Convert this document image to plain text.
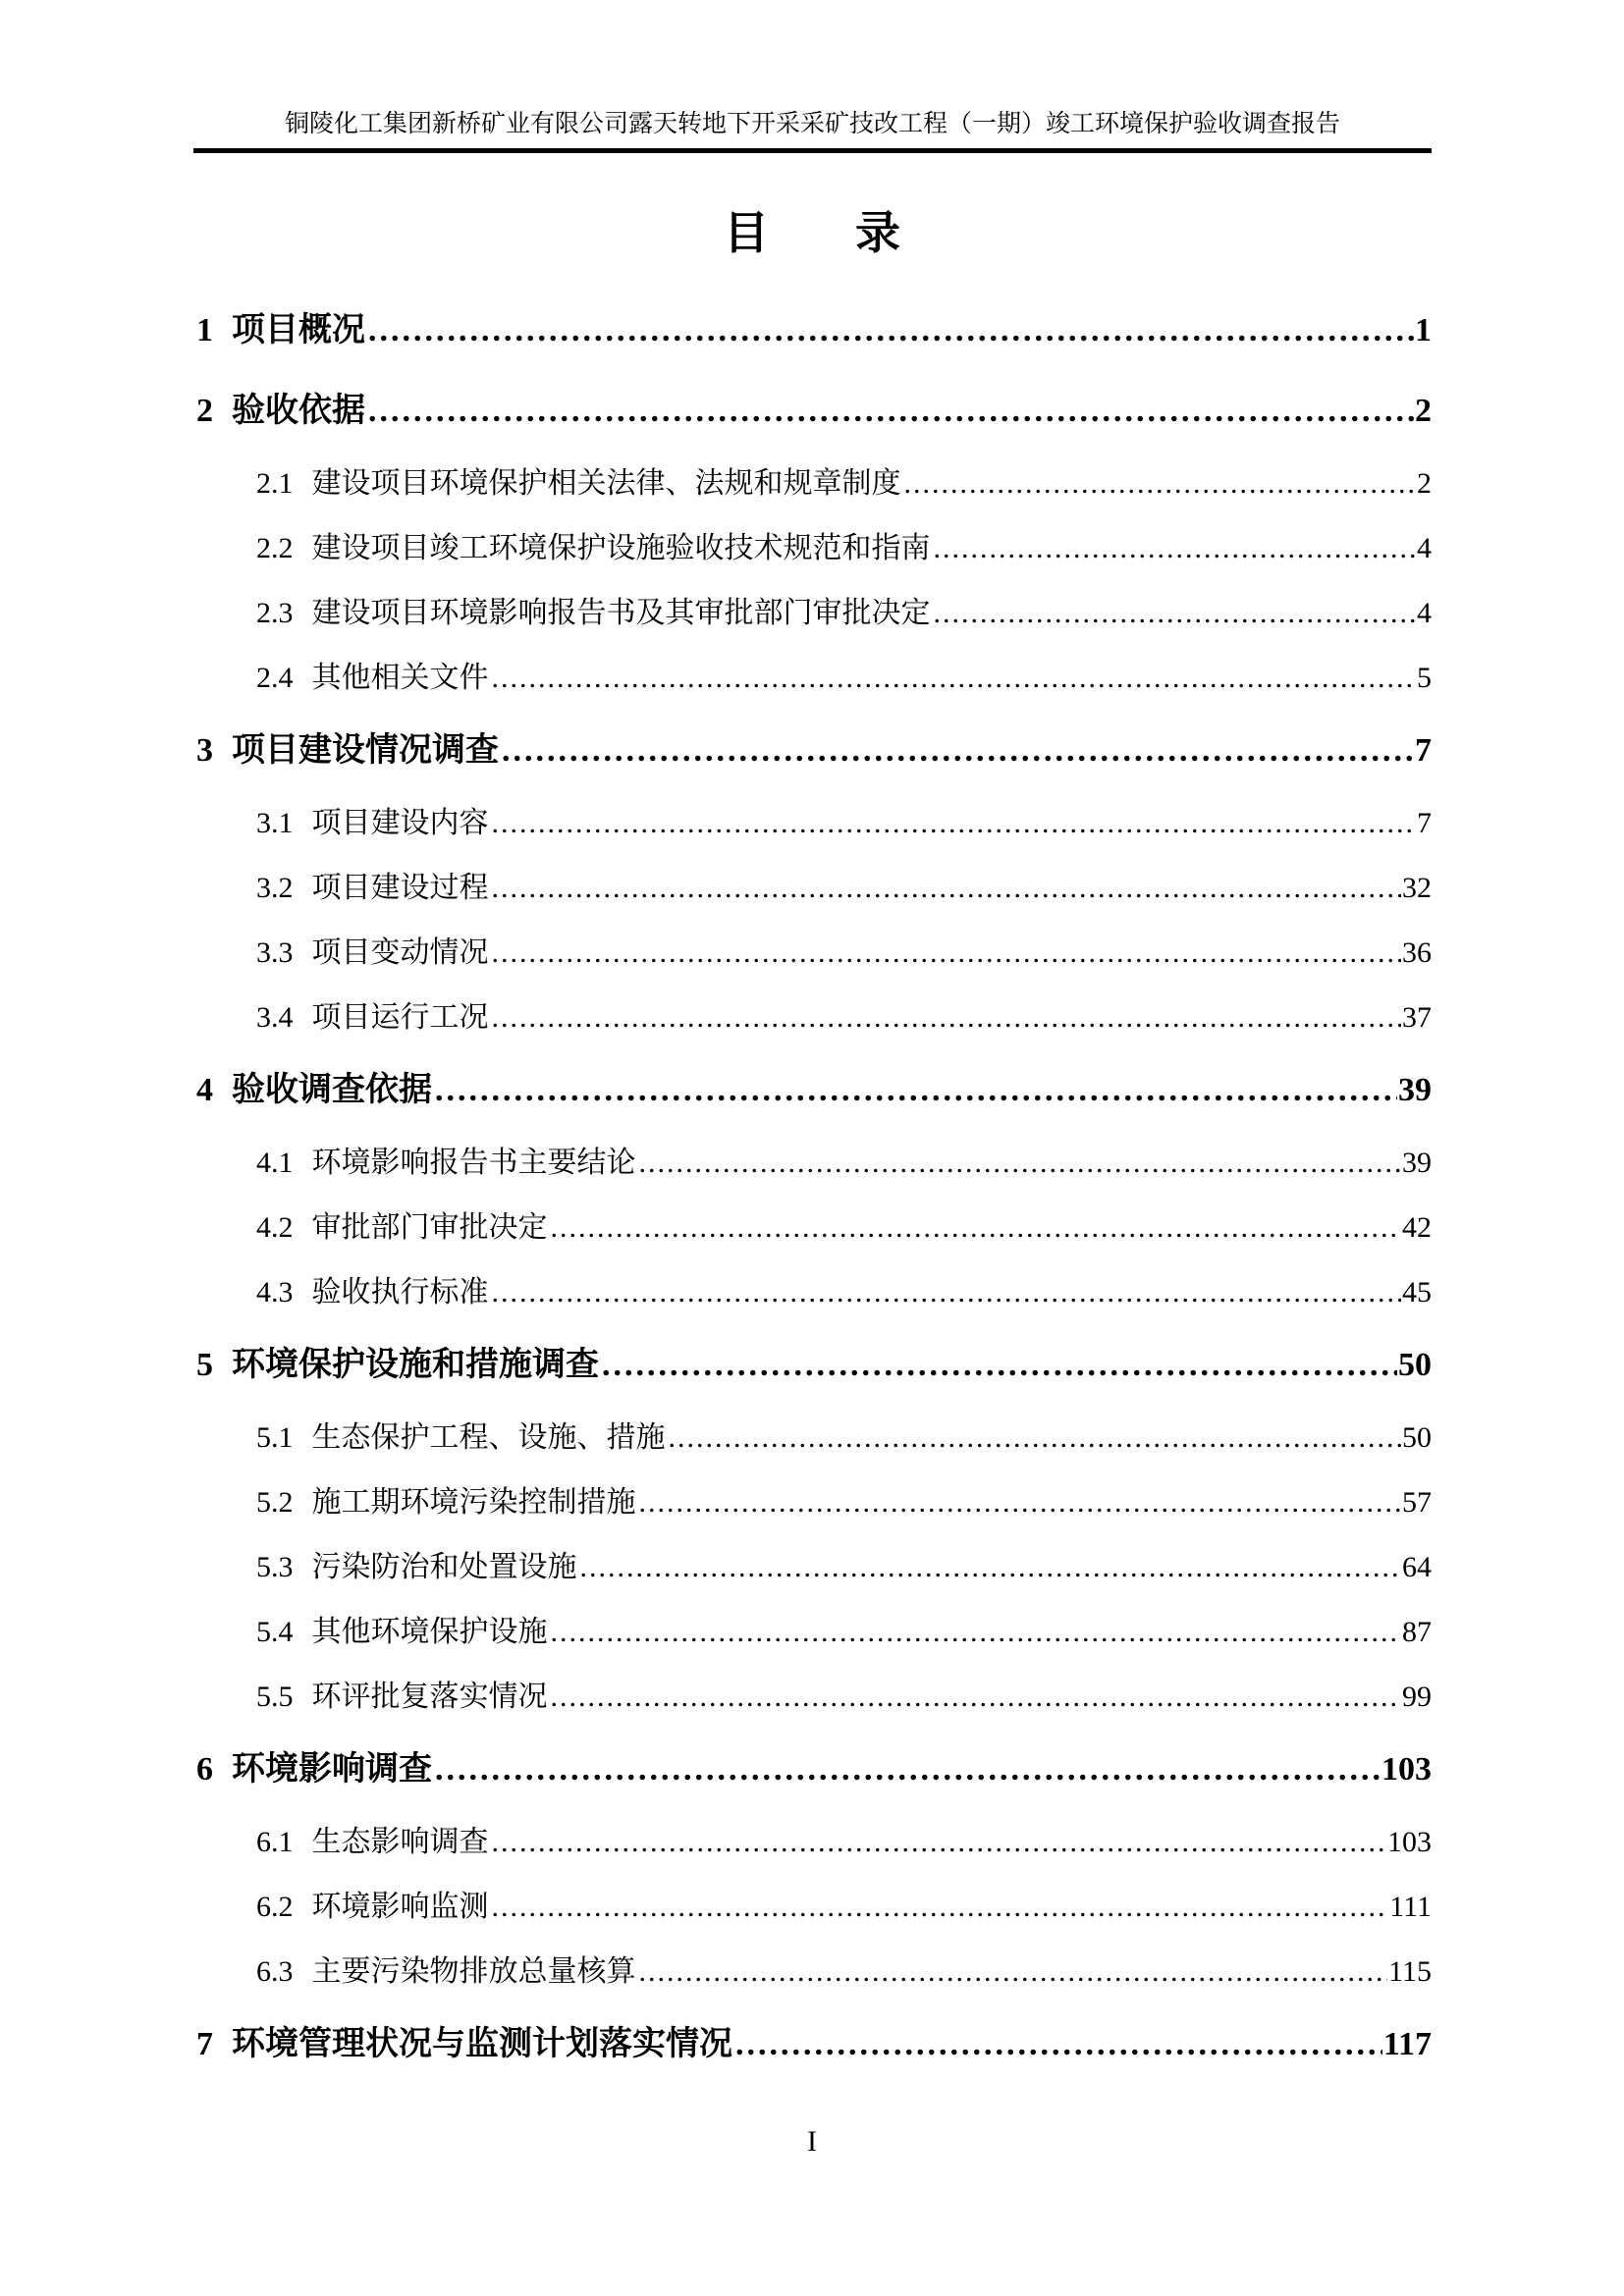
铜陵化工集团新桥矿业有限公司露天转地下开采采矿技改工程（一期）竣工环境保护验收调查报告
目 录
1 项目概况 .....	1
2 验收依据 .....	2
2.1 建设项目环境保护相关法律、法规和规章制度 .....	2
2.2 建设项目竣工环境保护设施验收技术规范和指南 .....	4
2.3 建设项目环境影响报告书及其审批部门审批决定 .....	4
2.4 其他相关文件 .....	5
3 项目建设情况调查 .....	7
3.1 项目建设内容 .....	7
3.2 项目建设过程 .....	32
3.3 项目变动情况 .....	36
3.4 项目运行工况 .....	37
4 验收调查依据 .....	39
4.1 环境影响报告书主要结论 .....	39
4.2 审批部门审批决定 .....	42
4.3 验收执行标准 .....	45
5 环境保护设施和措施调查 .....	50
5.1 生态保护工程、设施、措施 .....	50
5.2 施工期环境污染控制措施 .....	57
5.3 污染防治和处置设施 .....	64
5.4 其他环境保护设施 .....	87
5.5 环评批复落实情况 .....	99
6 环境影响调查 .....	103
6.1 生态影响调查 .....	103
6.2 环境影响监测 .....	111
6.3 主要污染物排放总量核算 .....	115
7 环境管理状况与监测计划落实情况 .....	117
I
